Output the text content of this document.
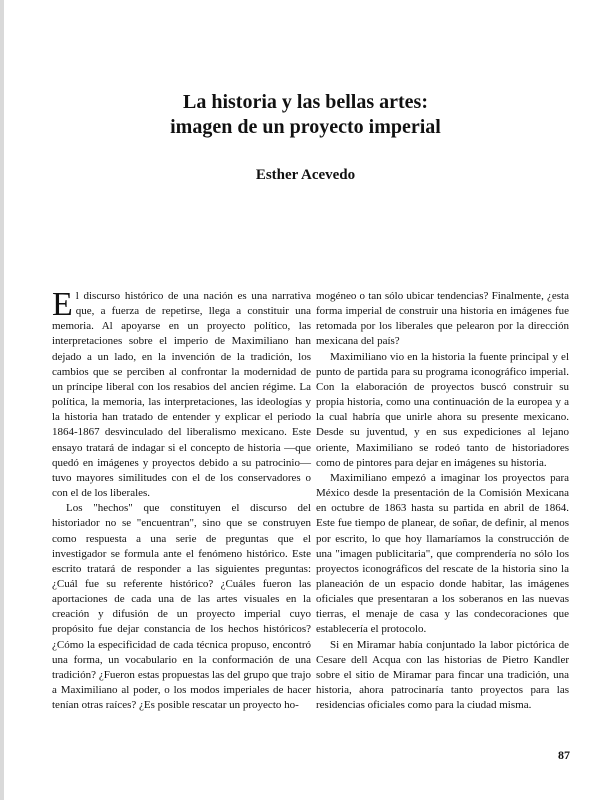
La historia y las bellas artes:
imagen de un proyecto imperial
Esther Acevedo

El discurso histórico de una nación es una narrativa que, a fuerza de repetirse, llega a constituir una memoria. Al apoyarse en un proyecto político, las interpretaciones sobre el imperio de Maximiliano han dejado a un lado, en la invención de la tradición, los cambios que se perciben al confrontar la modernidad de un príncipe liberal con los resabios del ancien régime. La política, la memoria, las interpretaciones, las ideologías y la historia han tratado de entender y explicar el periodo 1864-1867 desvinculado del liberalismo mexicano. Este ensayo tratará de indagar si el concepto de historia —que quedó en imágenes y proyectos debido a su patrocinio— tuvo mayores similitudes con el de los conservadores o con el de los liberales.

Los "hechos" que constituyen el discurso del historiador no se "encuentran", sino que se construyen como respuesta a una serie de preguntas que el investigador se formula ante el fenómeno histórico. Este escrito tratará de responder a las siguientes preguntas: ¿Cuál fue su referente histórico? ¿Cuáles fueron las aportaciones de cada una de las artes visuales en la creación y difusión de un proyecto imperial cuyo propósito fue dejar constancia de los hechos históricos? ¿Cómo la especificidad de cada técnica propuso, encontró una forma, un vocabulario en la conformación de una tradición? ¿Fueron estas propuestas las del grupo que trajo a Maximiliano al poder, o los modos imperiales de hacer tenían otras raíces? ¿Es posible rescatar un proyecto ho-

mogéneo o tan sólo ubicar tendencias? Finalmente, ¿esta forma imperial de construir una historia en imágenes fue retomada por los liberales que pelearon por la dirección mexicana del país?

Maximiliano vio en la historia la fuente principal y el punto de partida para su programa iconográfico imperial. Con la elaboración de proyectos buscó construir su propia historia, como una continuación de la europea y a la cual habría que unirle ahora su presente mexicano. Desde su juventud, y en sus expediciones al lejano oriente, Maximiliano se rodeó tanto de historiadores como de pintores para dejar en imágenes su historia.

Maximiliano empezó a imaginar los proyectos para México desde la presentación de la Comisión Mexicana en octubre de 1863 hasta su partida en abril de 1864. Este fue tiempo de planear, de soñar, de definir, al menos por escrito, lo que hoy llamaríamos la construcción de una "imagen publicitaria", que comprendería no sólo los proyectos iconográficos del rescate de la historia sino la planeación de un espacio donde habitar, las imágenes oficiales que presentaran a los soberanos en las nuevas tierras, el menaje de casa y las condecoraciones que establecería el protocolo.

Si en Miramar había conjuntado la labor pictórica de Cesare dell Acqua con las historias de Pietro Kandler sobre el sitio de Miramar para fincar una tradición, una historia, ahora patrocinaría tanto proyectos para las residencias oficiales como para la ciudad misma.

87
